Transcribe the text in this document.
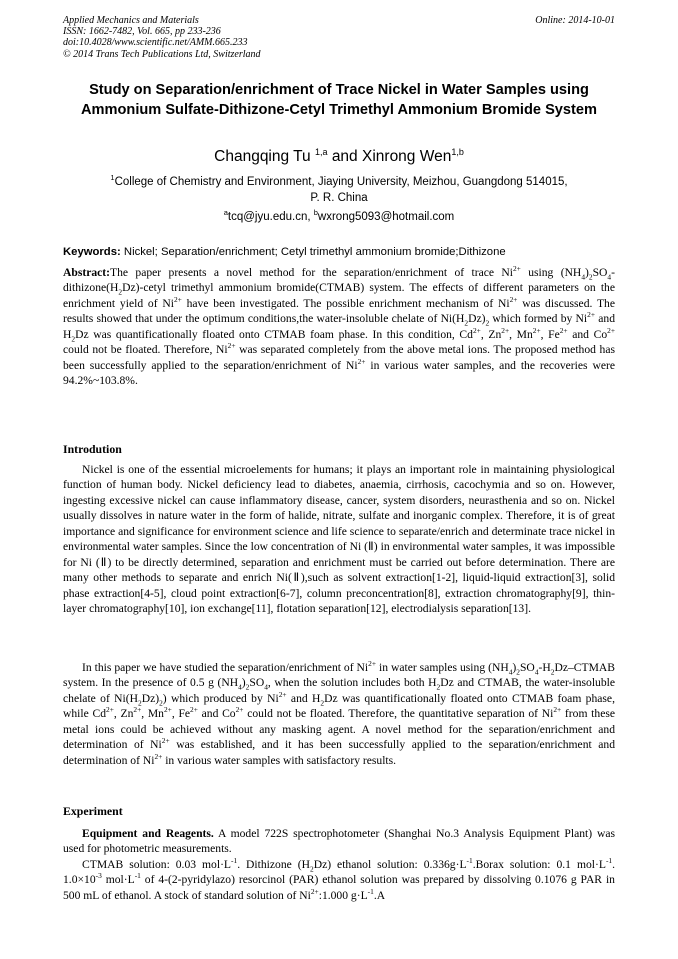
Applied Mechanics and Materials
ISSN: 1662-7482, Vol. 665, pp 233-236
doi:10.4028/www.scientific.net/AMM.665.233
© 2014 Trans Tech Publications Ltd, Switzerland
Online: 2014-10-01
Study on Separation/enrichment of Trace Nickel in Water Samples using Ammonium Sulfate-Dithizone-Cetyl Trimethyl Ammonium Bromide System
Changqing Tu $^{1,a}$ and Xinrong Wen$^{1,b}$
$^1$College of Chemistry and Environment, Jiaying University, Meizhou, Guangdong 514015,
P. R. China
$^a$tcq@jyu.edu.cn, $^b$wxrong5093@hotmail.com
Keywords: Nickel; Separation/enrichment; Cetyl trimethyl ammonium bromide;Dithizone

Abstract:The paper presents a novel method for the separation/enrichment of trace $Ni^{2+}$ using $(NH_4)_2SO_4-dithizone(H_2Dz)$-cetyl trimethyl ammonium bromide(CTMAB) system. The effects of different parameters on the enrichment yield of $Ni^{2+}$ have been investigated. The possible enrichment mechanism of $Ni^{2+}$ was discussed. The results showed that under the optimum conditions,the water-insoluble chelate of $Ni(H_2Dz)_2$ which formed by $Ni^{2+}$ and $H_2Dz$ was quantificationally floated onto CTMAB foam phase. In this condition, $Cd^{2+}$, $Zn^{2+}$, $Mn^{2+}$, $Fe^{2+}$ and $Co^{2+}$ could not be floated. Therefore, $Ni^{2+}$ was separated completely from the above metal ions. The proposed method has been successfully applied to the separation/enrichment of $Ni^{2+}$ in various water samples, and the recoveries were 94.2%~103.8%.

Introdution

Nickel is one of the essential microelements for humans; it plays an important role in maintaining physiological function of human body. Nickel deficiency lead to diabetes, anaemia, cirrhosis, cacochymia and so on. However, ingesting excessive nickel can cause inflammatory disease, cancer, system disorders, neurasthenia and so on. Nickel usually dissolves in nature water in the form of halide, nitrate, sulfate and inorganic complex. Therefore, it is of great importance and significance for environment science and life science to separate/enrich and determinate trace nickel in environmental water samples. Since the low concentration of Ni (Ⅱ) in environmental water samples, it was impossible for Ni (Ⅱ) to be directly determined, separation and enrichment must be carried out before determination. There are many other methods to separate and enrich Ni(Ⅱ),such as solvent extraction[1-2], liquid-liquid extraction[3], solid phase extraction[4-5], cloud point extraction[6-7], column preconcentration[8], extraction chromatography[9], thin-layer chromatography[10], ion exchange[11], flotation separation[12], electrodialysis separation[13].

In this paper we have studied the separation/enrichment of $Ni^{2+}$ in water samples using $(NH_4)_2SO_4-H_2Dz$–CTMAB system. In the presence of 0.5 g $(NH_4)_2SO_4$, when the solution includes both $H_2Dz$ and CTMAB, the water-insoluble chelate of $Ni(H_2Dz)_2$) which produced by $Ni^{2+}$ and $H_2Dz$ was quantificationally floated onto CTMAB foam phase, while $Cd^{2+}$, $Zn^{2+}$, $Mn^{2+}$, $Fe^{2+}$ and $Co^{2+}$ could not be floated. Therefore, the quantitative separation of $Ni^{2+}$ from these metal ions could be achieved without any masking agent. A novel method for the separation/enrichment and determination of $Ni^{2+}$ was established, and it has been successfully applied to the separation/enrichment and determination of $Ni^{2+}$ in various water samples with satisfactory results.

Experiment

Equipment and Reagents. A model 722S spectrophotometer (Shanghai No.3 Analysis Equipment Plant) was used for photometric measurements.

CTMAB solution: 0.03 $mol\cdot L^{-1}$. Dithizone $(H_2Dz)$ ethanol solution: $0.336g\cdot L^{-1}.Borax$ solution: 0.1 $mol\cdot L^{-1}$. $1.0\times 10^{-3}$ $mol\cdot L^{-1}$ of 4-(2-pyridylazo) resorcinol (PAR) ethanol solution was prepared by dissolving 0.1076 g PAR in 500 mL of ethanol. A stock of standard solution of $Ni^{2+}:1.000$ $g\cdot L^{-1}.A$
